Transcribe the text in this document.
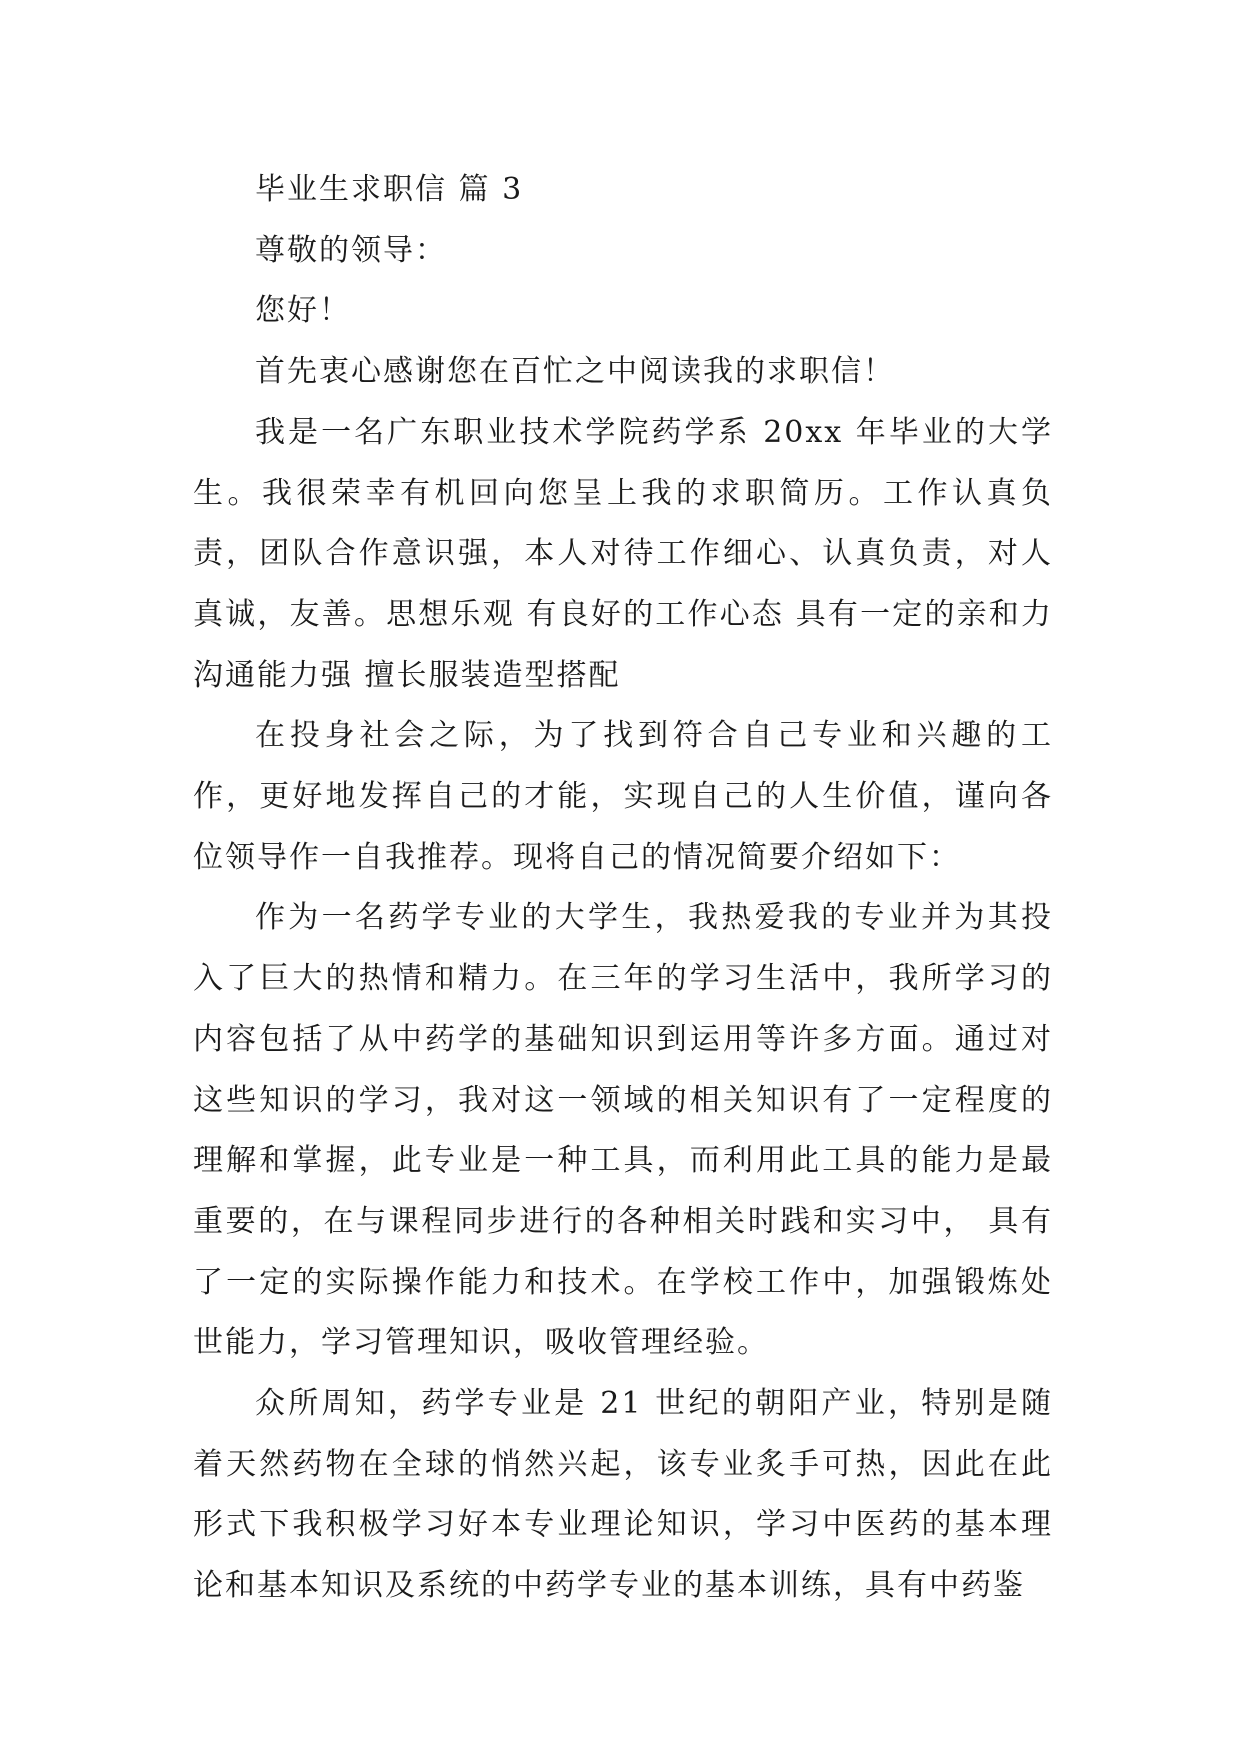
毕业生求职信 篇 3

尊敬的领导：

您好！

首先衷心感谢您在百忙之中阅读我的求职信！

我是一名广东职业技术学院药学系 20xx 年毕业的大学生。我很荣幸有机回向您呈上我的求职简历。工作认真负责，团队合作意识强，本人对待工作细心、认真负责，对人真诚，友善。思想乐观 有良好的工作心态 具有一定的亲和力 沟通能力强 擅长服装造型搭配

在投身社会之际，为了找到符合自己专业和兴趣的工作，更好地发挥自己的才能，实现自己的人生价值，谨向各位领导作一自我推荐。现将自己的情况简要介绍如下：

作为一名药学专业的大学生，我热爱我的专业并为其投入了巨大的热情和精力。在三年的学习生活中，我所学习的内容包括了从中药学的基础知识到运用等许多方面。通过对这些知识的学习，我对这一领域的相关知识有了一定程度的理解和掌握，此专业是一种工具，而利用此工具的能力是最重要的，在与课程同步进行的各种相关时践和实习中， 具有了一定的实际操作能力和技术。在学校工作中，加强锻炼处世能力，学习管理知识，吸收管理经验。

众所周知，药学专业是 21 世纪的朝阳产业，特别是随着天然药物在全球的悄然兴起，该专业炙手可热，因此在此形式下我积极学习好本专业理论知识，学习中医药的基本理论和基本知识及系统的中药学专业的基本训练，具有中药鉴
